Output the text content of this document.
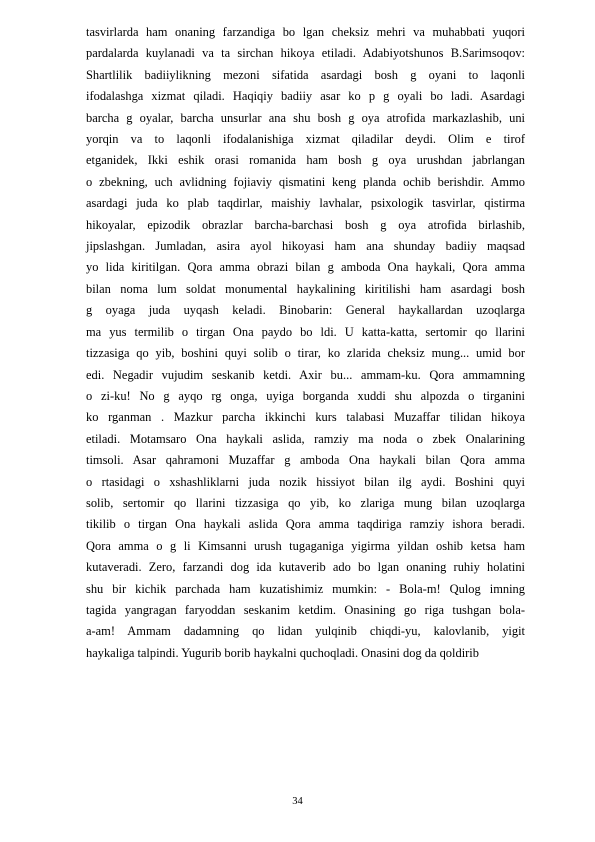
tasvirlarda ham onaning farzandiga bo lgan cheksiz mehri va muhabbati yuqori
pardalarda kuylanadi va ta sirchan hikoya etiladi. Adabiyotshunos B.Sarimsoqov:
Shartlilik badiiylikning mezoni sifatida asardagi bosh g oyani to laqonli
ifodalashga xizmat qiladi. Haqiqiy badiiy asar ko p g oyali bo ladi. Asardagi
barcha g oyalar, barcha unsurlar ana shu bosh g oya atrofida markazlashib, uni
yorqin va to laqonli ifodalanishiga xizmat qiladilar deydi. Olim e tirof
etganidek, Ikki eshik orasi romanida ham bosh g oya urushdan jabrlangan
o zbekning, uch avlidning fojiaviy qismatini keng planda ochib berishdir. Ammo
asardagi juda ko plab taqdirlar, maishiy lavhalar, psixologik tasvirlar, qistirma
hikoyalar, epizodik obrazlar barcha-barchasi bosh g oya atrofida birlashib,
jipslashgan. Jumladan, asira ayol hikoyasi ham ana shunday badiiy maqsad
yo lida kiritilgan. Qora amma obrazi bilan g amboda Ona haykali, Qora amma
bilan noma lum soldat monumental haykalining kiritilishi ham asardagi bosh
g oyaga juda uyqash keladi. Binobarin: General haykallardan uzoqlarga
ma yus termilib o tirgan Ona paydo bo ldi. U katta-katta, sertomir qo llarini
tizzasiga qo yib, boshini quyi solib o tirar, ko zlarida cheksiz mung... umid bor
edi. Negadir vujudim seskanib ketdi. Axir bu... ammam-ku. Qora ammamning
o zi-ku! No g ayqo rg onga, uyiga borganda xuddi shu alpozda o tirganini
ko rganman . Mazkur parcha ikkinchi kurs talabasi Muzaffar tilidan hikoya
etiladi. Motamsaro Ona haykali aslida, ramziy ma noda o zbek Onalarining
timsoli. Asar qahramoni Muzaffar g amboda Ona haykali bilan Qora amma
o rtasidagi o xshashliklarni juda nozik hissiyot bilan ilg aydi. Boshini quyi
solib, sertomir qo llarini tizzasiga qo yib, ko zlariga mung bilan uzoqlarga
tikilib o tirgan Ona haykali aslida Qora amma taqdiriga ramziy ishora beradi.
Qora amma o g li Kimsanni urush tugaganiga yigirma yildan oshib ketsa ham
kutaveradi. Zero, farzandi dog ida kutaverib ado bo lgan onaning ruhiy holatini
shu bir kichik parchada ham kuzatishimiz mumkin: - Bola-m! Qulog imning
tagida yangragan faryoddan seskanim ketdim. Onasining go riga tushgan bola-
a-am! Ammam dadamning qo lidan yulqinib chiqdi-yu, kalovlanib, yigit
haykaliga talpindi. Yugurib borib haykalni quchoqladi. Onasini dog da qoldirib

34
